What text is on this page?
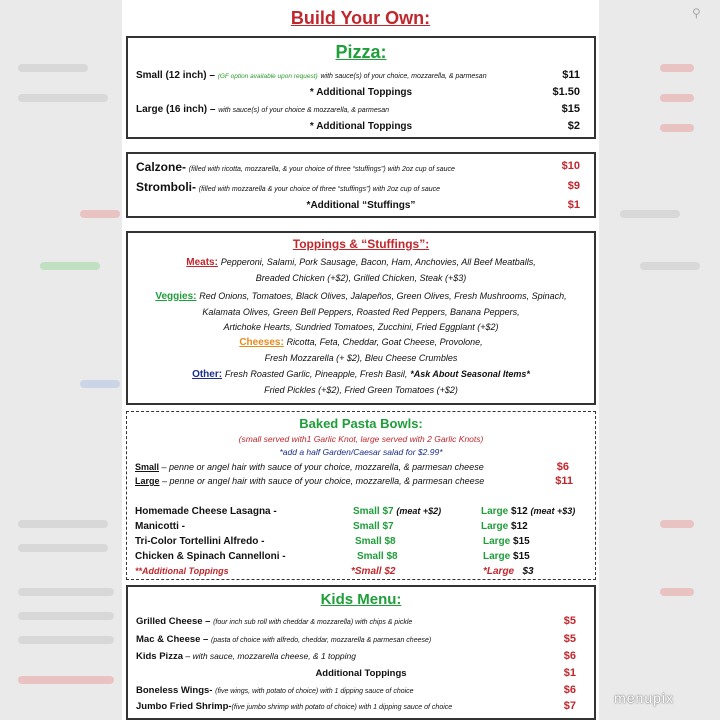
⚲
Build Your Own:
Pizza:
Small (12 inch) – (GF option available upon request) with sauce(s) of your choice, mozzarella, & parmesan	$11
* Additional Toppings	$1.50
Large (16 inch) – with sauce(s) of your choice & mozzarella, & parmesan	$15
* Additional Toppings	$2
Calzone- (filled with ricotta, mozzarella, & your choice of three “stuffings”) with 2oz cup of sauce	$10
Stromboli- (filled with mozzarella & your choice of three “stuffings”) with 2oz cup of sauce	$9
*Additional “Stuffings”	$1
Toppings & “Stuffings”:
Meats: Pepperoni, Salami, Pork Sausage, Bacon, Ham, Anchovies, All Beef Meatballs,
Breaded Chicken (+$2), Grilled Chicken, Steak (+$3)
Veggies: Red Onions, Tomatoes, Black Olives, Jalapeños, Green Olives, Fresh Mushrooms, Spinach,
Kalamata Olives, Green Bell Peppers, Roasted Red Peppers, Banana Peppers,
Artichoke Hearts, Sundried Tomatoes, Zucchini, Fried Eggplant (+$2)
Cheeses: Ricotta, Feta, Cheddar, Goat Cheese, Provolone,
Fresh Mozzarella (+ $2), Bleu Cheese Crumbles
Other: Fresh Roasted Garlic, Pineapple, Fresh Basil, *Ask About Seasonal Items*
Fried Pickles (+$2), Fried Green Tomatoes (+$2)
Baked Pasta Bowls:
(small served with1 Garlic Knot, large served with 2 Garlic Knots)
*add a half Garden/Caesar salad for $2.99*
Small – penne or angel hair with sauce of your choice, mozzarella, & parmesan cheese	$6
Large – penne or angel hair with sauce of your choice, mozzarella, & parmesan cheese	$11
Homemade Cheese Lasagna -	Small $7 (meat +$2)	Large $12 (meat +$3)
Manicotti -	Small $7	Large $12
Tri-Color Tortellini Alfredo -	Small $8	Large $15
Chicken & Spinach Cannelloni -	Small $8	Large $15
**Additional Toppings	*Small $2	*Large $3
Kids Menu:
Grilled Cheese – (four inch sub roll with cheddar & mozzarella) with chips & pickle	$5
Mac & Cheese – (pasta of choice with alfredo, cheddar, mozzarella & parmesan cheese)	$5
Kids Pizza – with sauce, mozzarella cheese, & 1 topping	$6
Additional Toppings	$1
Boneless Wings- (five wings, with potato of choice) with 1 dipping sauce of choice	$6
Jumbo Fried Shrimp-(five jumbo shrimp with potato of choice) with 1 dipping sauce of choice	$7	menupix
